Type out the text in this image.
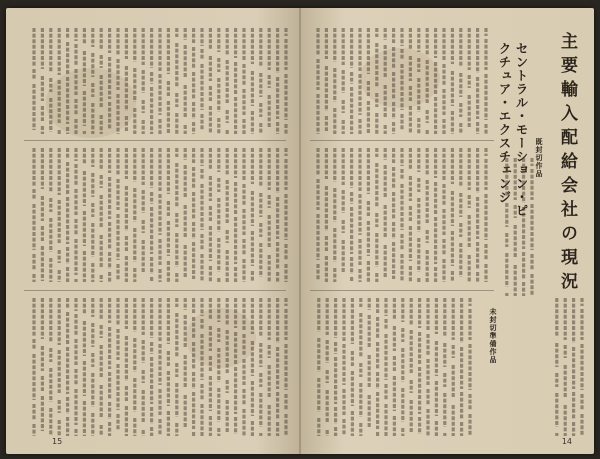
15
主要輸入配給会社の現況
セントラル・モーション・ピ
クチュア・エクスチェンジ	既封切作品
未封切準備作品
14
